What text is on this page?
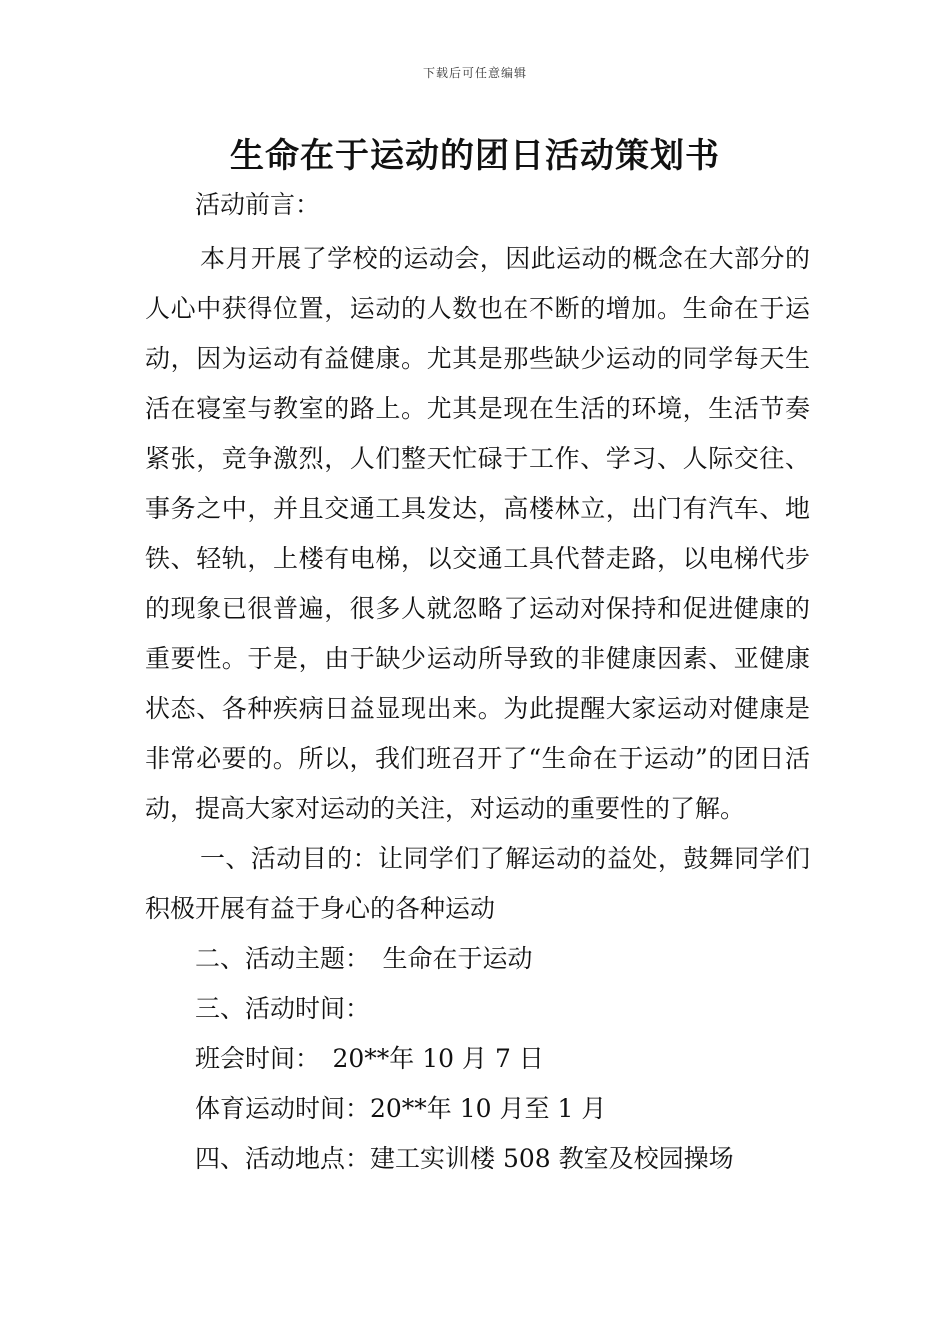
下载后可任意编辑
生命在于运动的团日活动策划书

活动前言：

本月开展了学校的运动会，因此运动的概念在大部分的人心中获得位置，运动的人数也在不断的增加。生命在于运动，因为运动有益健康。尤其是那些缺少运动的同学每天生活在寝室与教室的路上。尤其是现在生活的环境，生活节奏紧张，竞争激烈，人们整天忙碌于工作、学习、人际交往、事务之中，并且交通工具发达，高楼林立，出门有汽车、地铁、轻轨，上楼有电梯，以交通工具代替走路，以电梯代步的现象已很普遍，很多人就忽略了运动对保持和促进健康的重要性。于是，由于缺少运动所导致的非健康因素、亚健康状态、各种疾病日益显现出来。为此提醒大家运动对健康是非常必要的。所以，我们班召开了“生命在于运动”的团日活动，提高大家对运动的关注，对运动的重要性的了解。

一、活动目的：让同学们了解运动的益处，鼓舞同学们积极开展有益于身心的各种运动

二、活动主题：　生命在于运动

三、活动时间：

班会时间：　20**年 10 月 7 日

体育运动时间：20**年 10 月至 1 月

四、活动地点：建工实训楼 508 教室及校园操场
